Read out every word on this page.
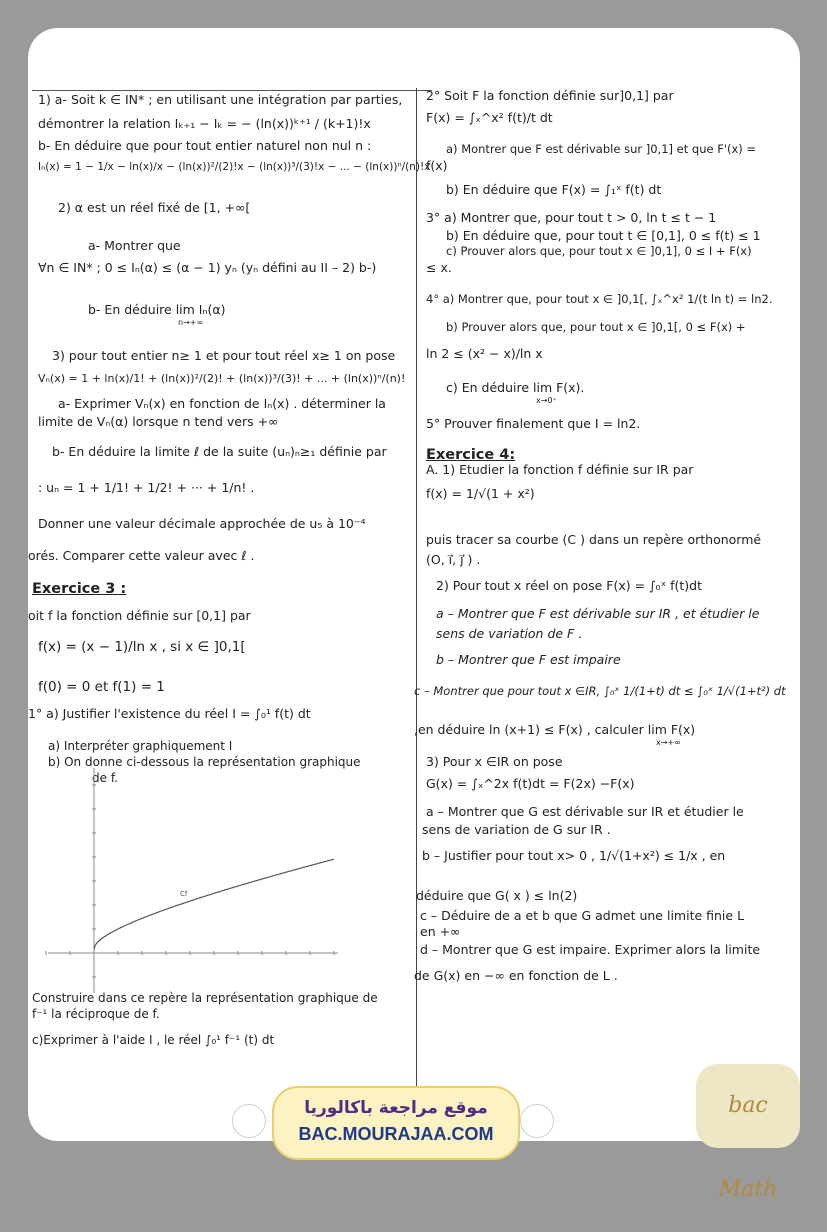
1) a- Soit k ∈ IN* ; en utilisant une intégration par parties,
démontrer la relation Iₖ₊₁ − Iₖ = − (ln(x))ᵏ⁺¹ / (k+1)!x
b- En déduire que pour tout entier naturel non nul n :
Iₙ(x) = 1 − 1/x − ln(x)/x − (ln(x))²/(2)!x − (ln(x))³/(3)!x − ... − (ln(x))ⁿ/(n)!x
2) α est un réel fixé de [1, +∞[
a- Montrer que
∀n ∈ IN* ; 0 ≤ Iₙ(α) ≤ (α − 1) yₙ (yₙ défini au II – 2) b-)
b- En déduire lim Iₙ(α)
n→+∞
3) pour tout entier n≥ 1 et pour tout réel x≥ 1 on pose
Vₙ(x) = 1 + ln(x)/1! + (ln(x))²/(2)! + (ln(x))³/(3)! + ... + (ln(x))ⁿ/(n)!
a- Exprimer Vₙ(x) en fonction de Iₙ(x) . déterminer la
limite de Vₙ(α) lorsque n tend vers +∞
b- En déduire la limite ℓ de la suite (uₙ)ₙ≥₁ définie par
: uₙ = 1 + 1/1! + 1/2! + ··· + 1/n! .
Donner une valeur décimale approchée de u₅ à 10⁻⁴
orés. Comparer cette valeur avec ℓ .
Exercice 3 :
oit f la fonction définie sur [0,1] par
f(x) = (x − 1)/ln x , si x ∈ ]0,1[
f(0) = 0 et f(1) = 1
1° a) Justifier l'existence du réel I = ∫₀¹ f(t) dt
a) Interpréter graphiquement I
b) On donne ci-dessous la représentation graphique
de f.
Construire dans ce repère la représentation graphique de
f⁻¹ la réciproque de f.
c)Exprimer à l'aide I , le réel ∫₀¹ f⁻¹ (t) dt
Cf
2° Soit F la fonction définie sur]0,1] par
F(x) = ∫ₓ^x² f(t)/t dt
a) Montrer que F est dérivable sur ]0,1] et que F'(x) =
f(x)
b) En déduire que F(x) = ∫₁ˣ f(t) dt
3° a) Montrer que, pour tout t > 0, ln t ≤ t − 1
b) En déduire que, pour tout t ∈ [0,1], 0 ≤ f(t) ≤ 1
c) Prouver alors que, pour tout x ∈ ]0,1], 0 ≤ I + F(x)
≤ x.
4° a) Montrer que, pour tout x ∈ ]0,1[, ∫ₓ^x² 1/(t ln t) = ln2.
b) Prouver alors que, pour tout x ∈ ]0,1[, 0 ≤ F(x) +
ln 2 ≤ (x² − x)/ln x
c) En déduire lim F(x).
x→0⁺
5° Prouver finalement que I = ln2.
Exercice 4:
A. 1) Etudier la fonction f définie sur IR par
f(x) = 1/√(1 + x²)
puis tracer sa courbe (C ) dans un repère orthonormé
(O, i⃗, j⃗ ) .
2) Pour tout x réel on pose F(x) = ∫₀ˣ f(t)dt
a – Montrer que F est dérivable sur IR , et étudier le
sens de variation de F .
b – Montrer que F est impaire
c – Montrer que pour tout x ∈IR, ∫₀ˣ 1/(1+t) dt ≤ ∫₀ˣ 1/√(1+t²) dt
,en déduire ln (x+1) ≤ F(x) , calculer lim F(x)
x→+∞
3) Pour x ∈IR on pose
G(x) = ∫ₓ^2x f(t)dt = F(2x) −F(x)
a – Montrer que G est dérivable sur IR et étudier le
sens de variation de G sur IR .
b – Justifier pour tout x> 0 , 1/√(1+x²) ≤ 1/x , en
déduire que G( x ) ≤ ln(2)
c – Déduire de a et b que G admet une limite finie L
en +∞
d – Montrer que G est impaire. Exprimer alors la limite
de G(x) en −∞ en fonction de L .
موقع مراجعة باكالوريا
BAC.MOURAJAA.COM
bac Math
